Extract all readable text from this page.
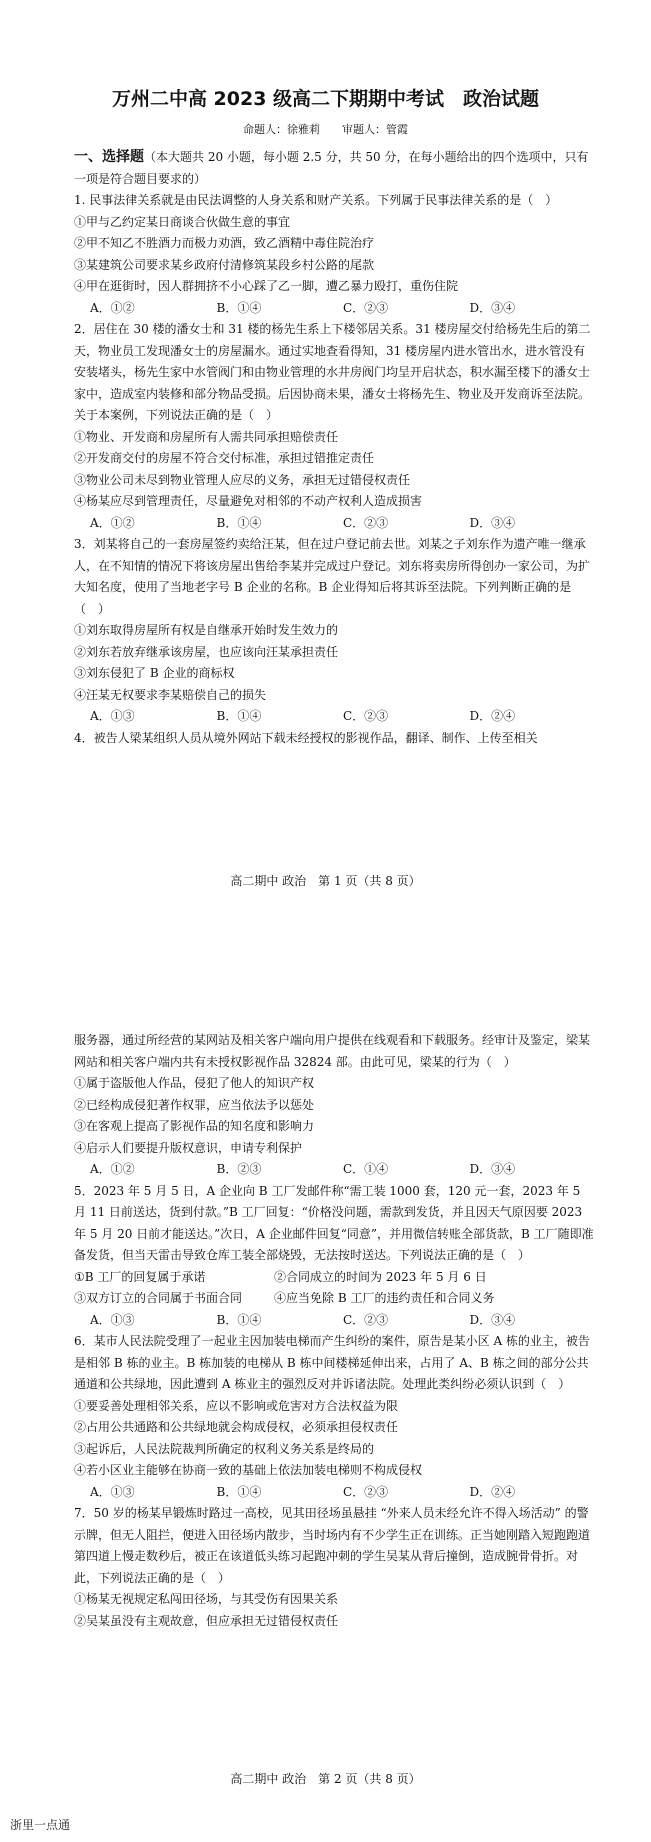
万州二中高 2023 级高二下期期中考试　政治试题
命题人：徐雅莉　　审题人：管霞

一、选择题（本大题共 20 小题，每小题 2.5 分，共 50 分，在每小题给出的四个选项中，只有一项是符合题目要求的）

1. 民事法律关系就是由民法调整的人身关系和财产关系。下列属于民事法律关系的是（　）

①甲与乙约定某日商谈合伙做生意的事宜

②甲不知乙不胜酒力而极力劝酒，致乙酒精中毒住院治疗

③某建筑公司要求某乡政府付清修筑某段乡村公路的尾款

④甲在逛街时，因人群拥挤不小心踩了乙一脚，遭乙暴力殴打，重伤住院

A．①②	B．①④	C．②③	D．③④

2．居住在 30 楼的潘女士和 31 楼的杨先生系上下楼邻居关系。31 楼房屋交付给杨先生后的第二天，物业员工发现潘女士的房屋漏水。通过实地查看得知，31 楼房屋内进水管出水，进水管没有安装堵头，杨先生家中水管阀门和由物业管理的水井房阀门均呈开启状态，积水漏至楼下的潘女士家中，造成室内装修和部分物品受损。后因协商未果，潘女士将杨先生、物业及开发商诉至法院。关于本案例，下列说法正确的是（　）

①物业、开发商和房屋所有人需共同承担赔偿责任

②开发商交付的房屋不符合交付标准，承担过错推定责任

③物业公司未尽到物业管理人应尽的义务，承担无过错侵权责任

④杨某应尽到管理责任，尽量避免对相邻的不动产权利人造成损害

A．①②	B．①④	C．②③	D．③④

3．刘某将自己的一套房屋签约卖给汪某，但在过户登记前去世。刘某之子刘东作为遗产唯一继承人，在不知情的情况下将该房屋出售给李某并完成过户登记。刘东将卖房所得创办一家公司，为扩大知名度，使用了当地老字号 B 企业的名称。B 企业得知后将其诉至法院。下列判断正确的是（　）

①刘东取得房屋所有权是自继承开始时发生效力的

②刘东若放弃继承该房屋，也应该向汪某承担责任

③刘东侵犯了 B 企业的商标权

④汪某无权要求李某赔偿自己的损失

A．①③	B．①④	C．②③	D．②④

4．被告人梁某组织人员从境外网站下载未经授权的影视作品，翻译、制作、上传至相关

高二期中 政治　第 1 页（共 8 页）

服务器，通过所经营的某网站及相关客户端向用户提供在线观看和下载服务。经审计及鉴定，梁某网站和相关客户端内共有未授权影视作品 32824 部。由此可见，梁某的行为（　）

①属于盗版他人作品，侵犯了他人的知识产权

②已经构成侵犯著作权罪，应当依法予以惩处

③在客观上提高了影视作品的知名度和影响力

④启示人们要提升版权意识，申请专利保护

A．①②	B．②③	C．①④	D．③④

5．2023 年 5 月 5 日，A 企业向 B 工厂发邮件称“需工装 1000 套，120 元一套，2023 年 5 月 11 日前送达，货到付款。”B 工厂回复：“价格没问题，需款到发货，并且因天气原因要 2023 年 5 月 20 日前才能送达。”次日，A 企业邮件回复“同意”，并用微信转账全部货款，B 工厂随即准备发货，但当天雷击导致仓库工装全部烧毁，无法按时送达。下列说法正确的是（　）

①B 工厂的回复属于承诺	②合同成立的时间为 2023 年 5 月 6 日
③双方订立的合同属于书面合同	④应当免除 B 工厂的违约责任和合同义务
A．①③	B．①④	C．②③	D．③④

6．某市人民法院受理了一起业主因加装电梯而产生纠纷的案件，原告是某小区 A 栋的业主，被告是相邻 B 栋的业主。B 栋加装的电梯从 B 栋中间楼梯延伸出来，占用了 A、B 栋之间的部分公共通道和公共绿地，因此遭到 A 栋业主的强烈反对并诉诸法院。处理此类纠纷必须认识到（　）

①要妥善处理相邻关系，应以不影响或危害对方合法权益为限

②占用公共通路和公共绿地就会构成侵权，必须承担侵权责任

③起诉后，人民法院裁判所确定的权利义务关系是终局的

④若小区业主能够在协商一致的基础上依法加装电梯则不构成侵权

A．①③	B．①④	C．②③	D．②④

7．50 岁的杨某早锻炼时路过一高校，见其田径场虽悬挂 “外来人员未经允许不得入场活动” 的警示牌，但无人阻拦，便进入田径场内散步，当时场内有不少学生正在训练。正当她刚踏入短跑跑道第四道上慢走数秒后，被正在该道低头练习起跑冲刺的学生吴某从背后撞倒，造成腕骨骨折。对此，下列说法正确的是（　）

①杨某无视规定私闯田径场，与其受伤有因果关系

②吴某虽没有主观故意，但应承担无过错侵权责任

高二期中 政治　第 2 页（共 8 页）
浙里一点通
